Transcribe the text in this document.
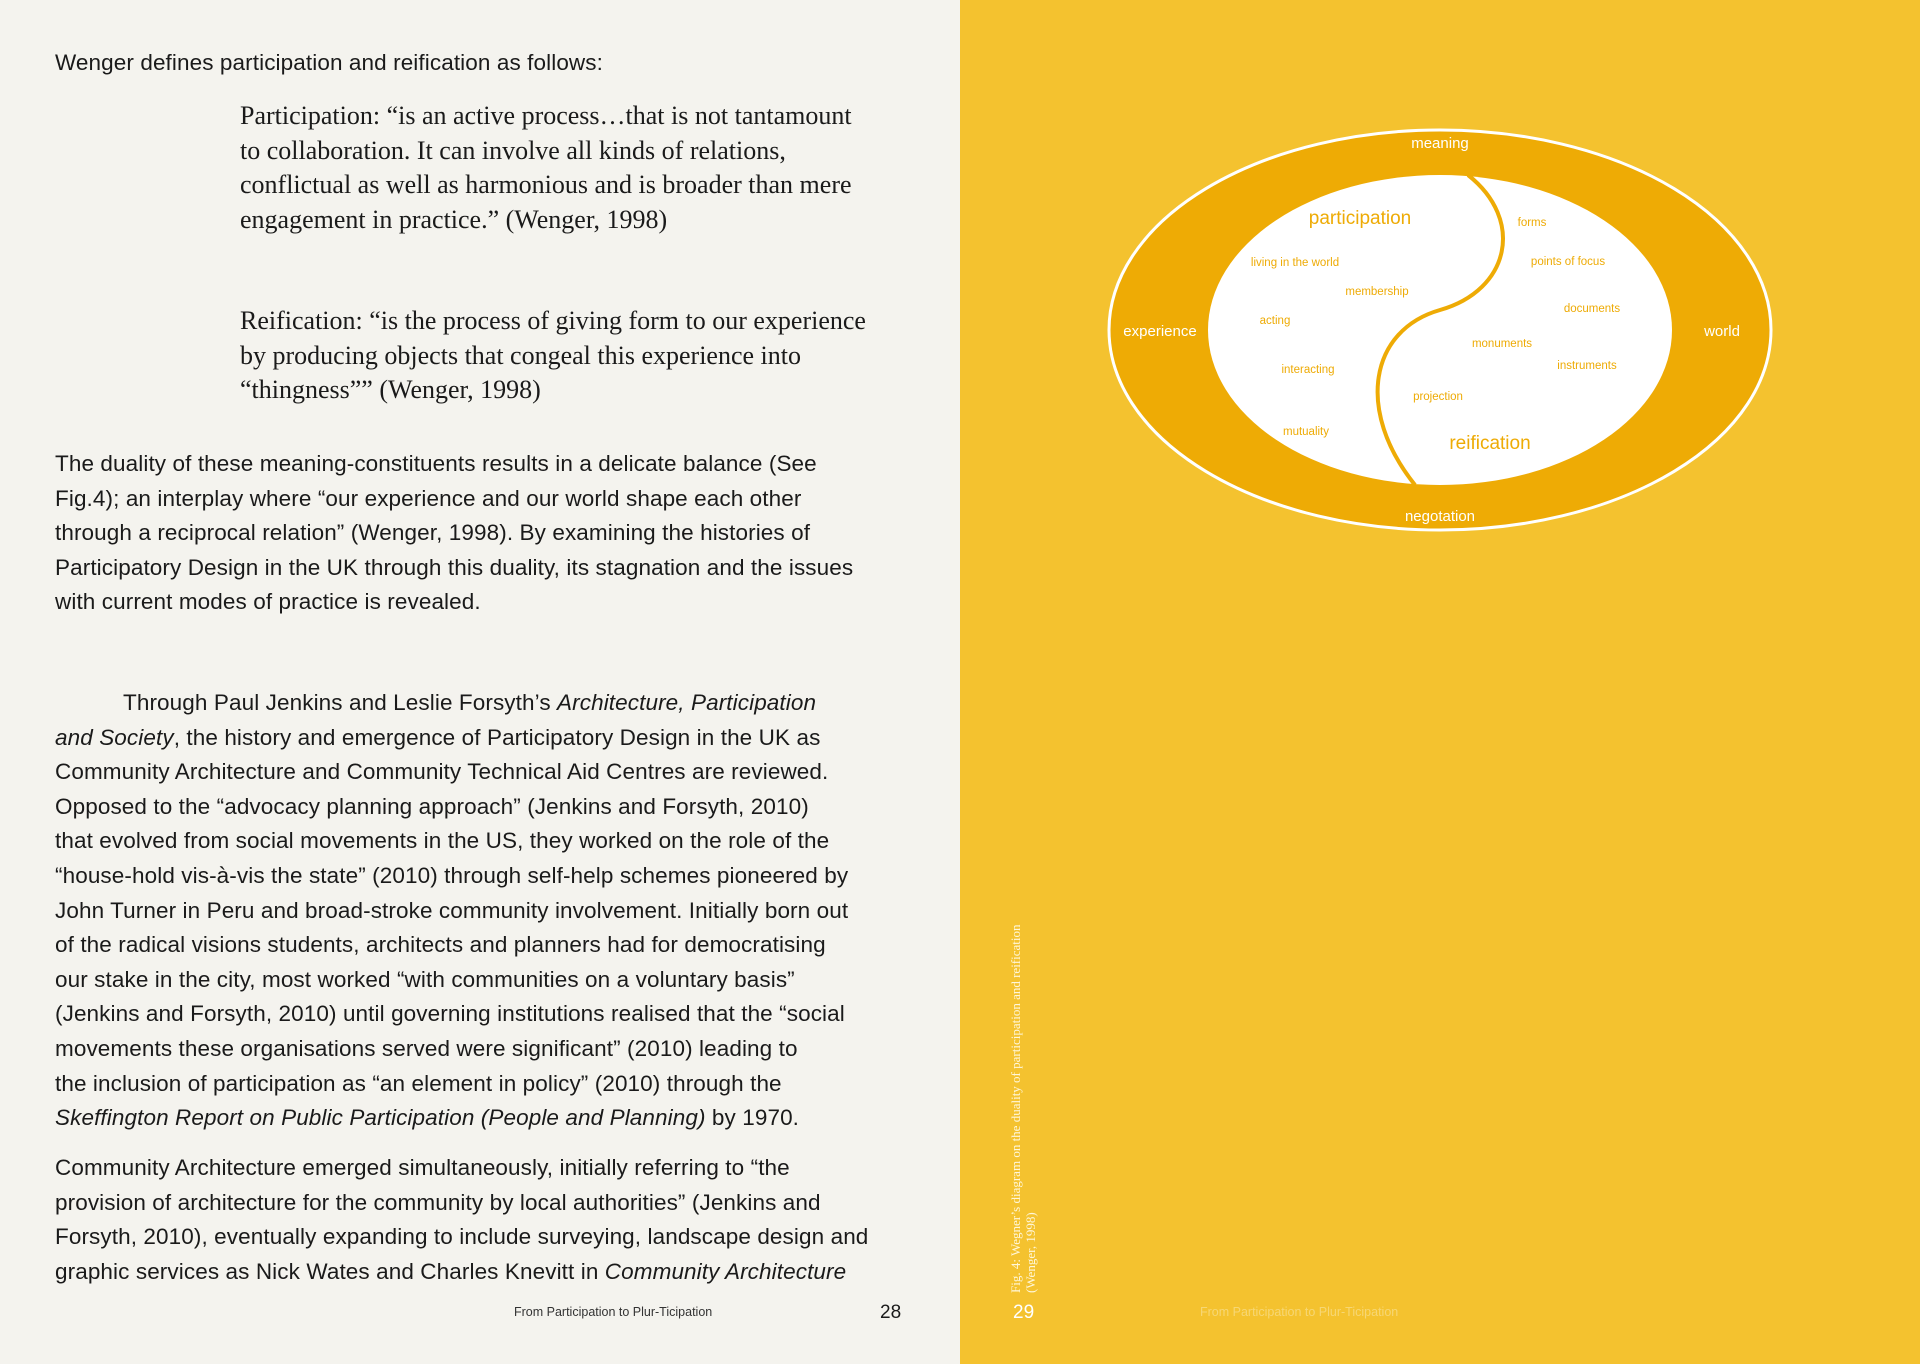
Wenger defines participation and reification as follows:

Participation: “is an active process…that is not tantamount
to collaboration. It can involve all kinds of relations,
conflictual as well as harmonious and is broader than mere
engagement in practice.” (Wenger, 1998)
Reification: “is the process of giving form to our experience
by producing objects that congeal this experience into
“thingness”” (Wenger, 1998)
The duality of these meaning-constituents results in a delicate balance (See
Fig.4); an interplay where “our experience and our world shape each other
through a reciprocal relation” (Wenger, 1998). By examining the histories of
Participatory Design in the UK through this duality, its stagnation and the issues
with current modes of practice is revealed.
Through Paul Jenkins and Leslie Forsyth’s Architecture, Participation
and Society, the history and emergence of Participatory Design in the UK as
Community Architecture and Community Technical Aid Centres are reviewed.
Opposed to the “advocacy planning approach” (Jenkins and Forsyth, 2010)
that evolved from social movements in the US, they worked on the role of the
“house-hold vis-à-vis the state” (2010) through self-help schemes pioneered by
John Turner in Peru and broad-stroke community involvement. Initially born out
of the radical visions students, architects and planners had for democratising
our stake in the city, most worked “with communities on a voluntary basis”
(Jenkins and Forsyth, 2010) until governing institutions realised that the “social
movements these organisations served were significant” (2010) leading to
the inclusion of participation as “an element in policy” (2010) through the
Skeffington Report on Public Participation (People and Planning) by 1970.
Community Architecture emerged simultaneously, initially referring to “the
provision of architecture for the community by local authorities” (Jenkins and
Forsyth, 2010), eventually expanding to include surveying, landscape design and
graphic services as Nick Wates and Charles Knevitt in Community Architecture
From Participation to Plur-Ticipation	28
meaning
negotation
experience	world
participation
reification
living in the world
membership
acting
interacting
mutuality
forms
points of focus
documents
monuments
instruments
projection
Fig. 4: Wegner’s diagram on the duality of participation and reification (Wenger, 1998)
29	From Participation to Plur-Ticipation
